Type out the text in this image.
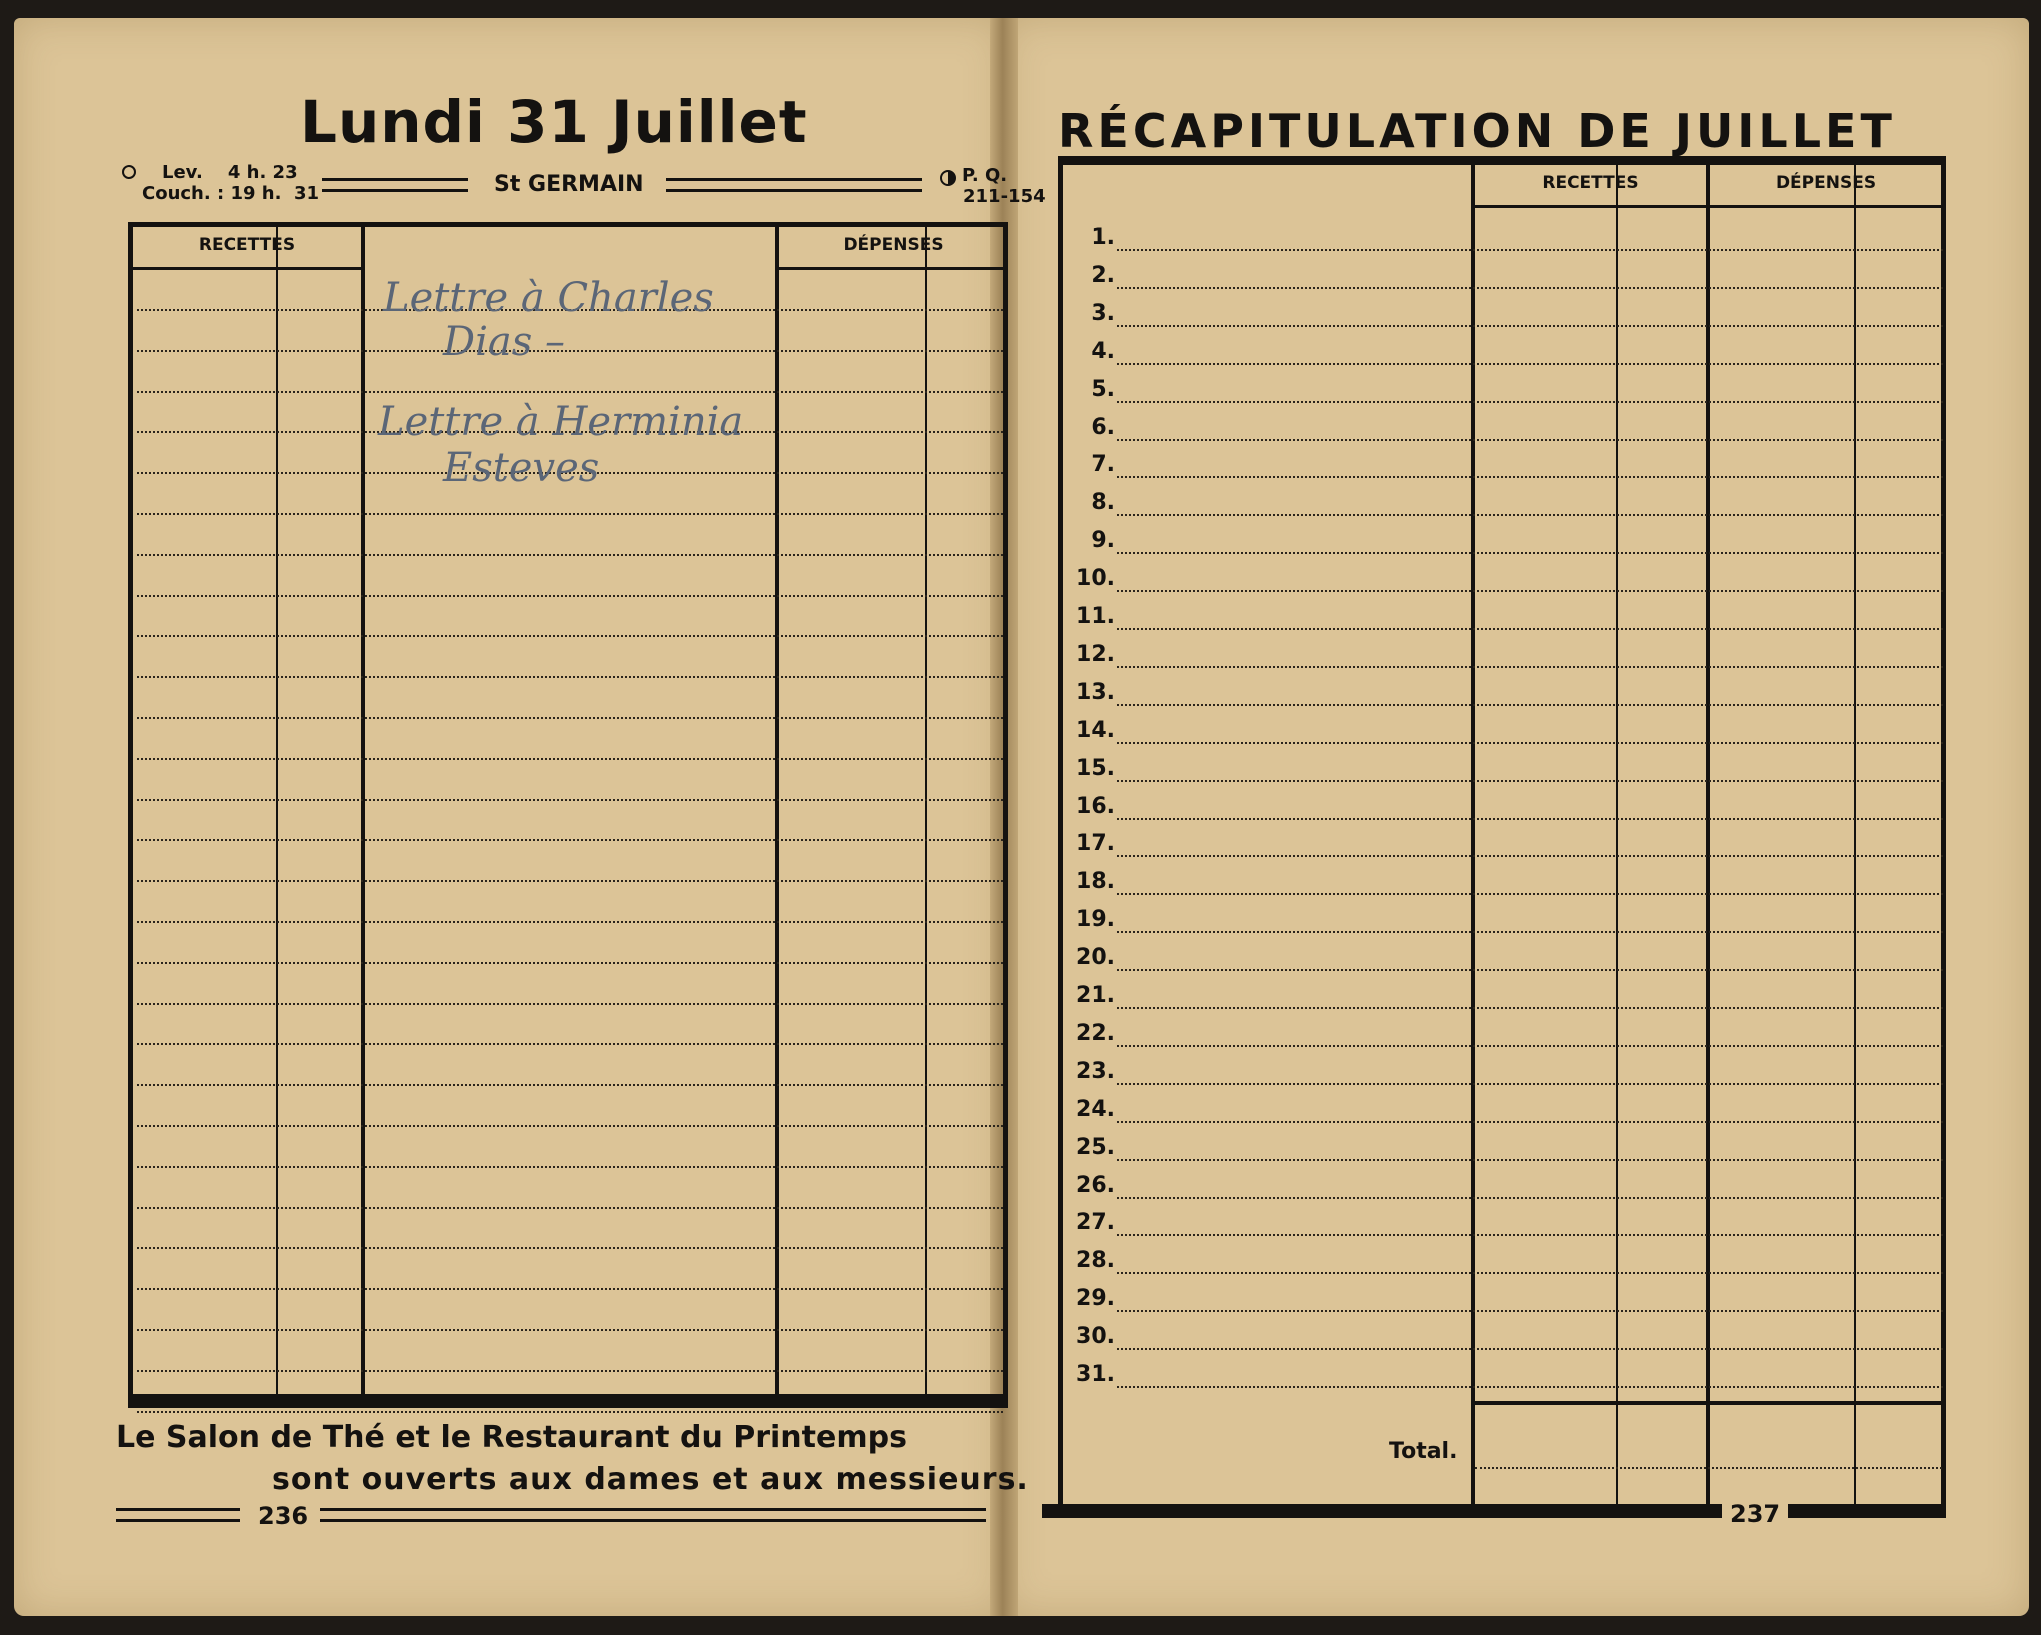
Lundi 31 Juillet
Lev.    4 h. 23
Couch. : 19 h.  31	St GERMAIN	P. Q.
211-154
RECETTES	DÉPENSES
Lettre à Charles
Dias –
Lettre à Herminia
Esteves
Le Salon de Thé et le Restaurant du Printemps
sont ouverts aux dames et aux messieurs.
236
RÉCAPITULATION DE JUILLET
RECETTES	DÉPENSES
1.
2.
3.
4.
5.
6.
7.
8.
9.
10.
11.
12.
13.
14.
15.
16.
17.
18.
19.
20.
21.
22.
23.
24.
25.
26.
27.
28.
29.
30.
31.
Total.
237
